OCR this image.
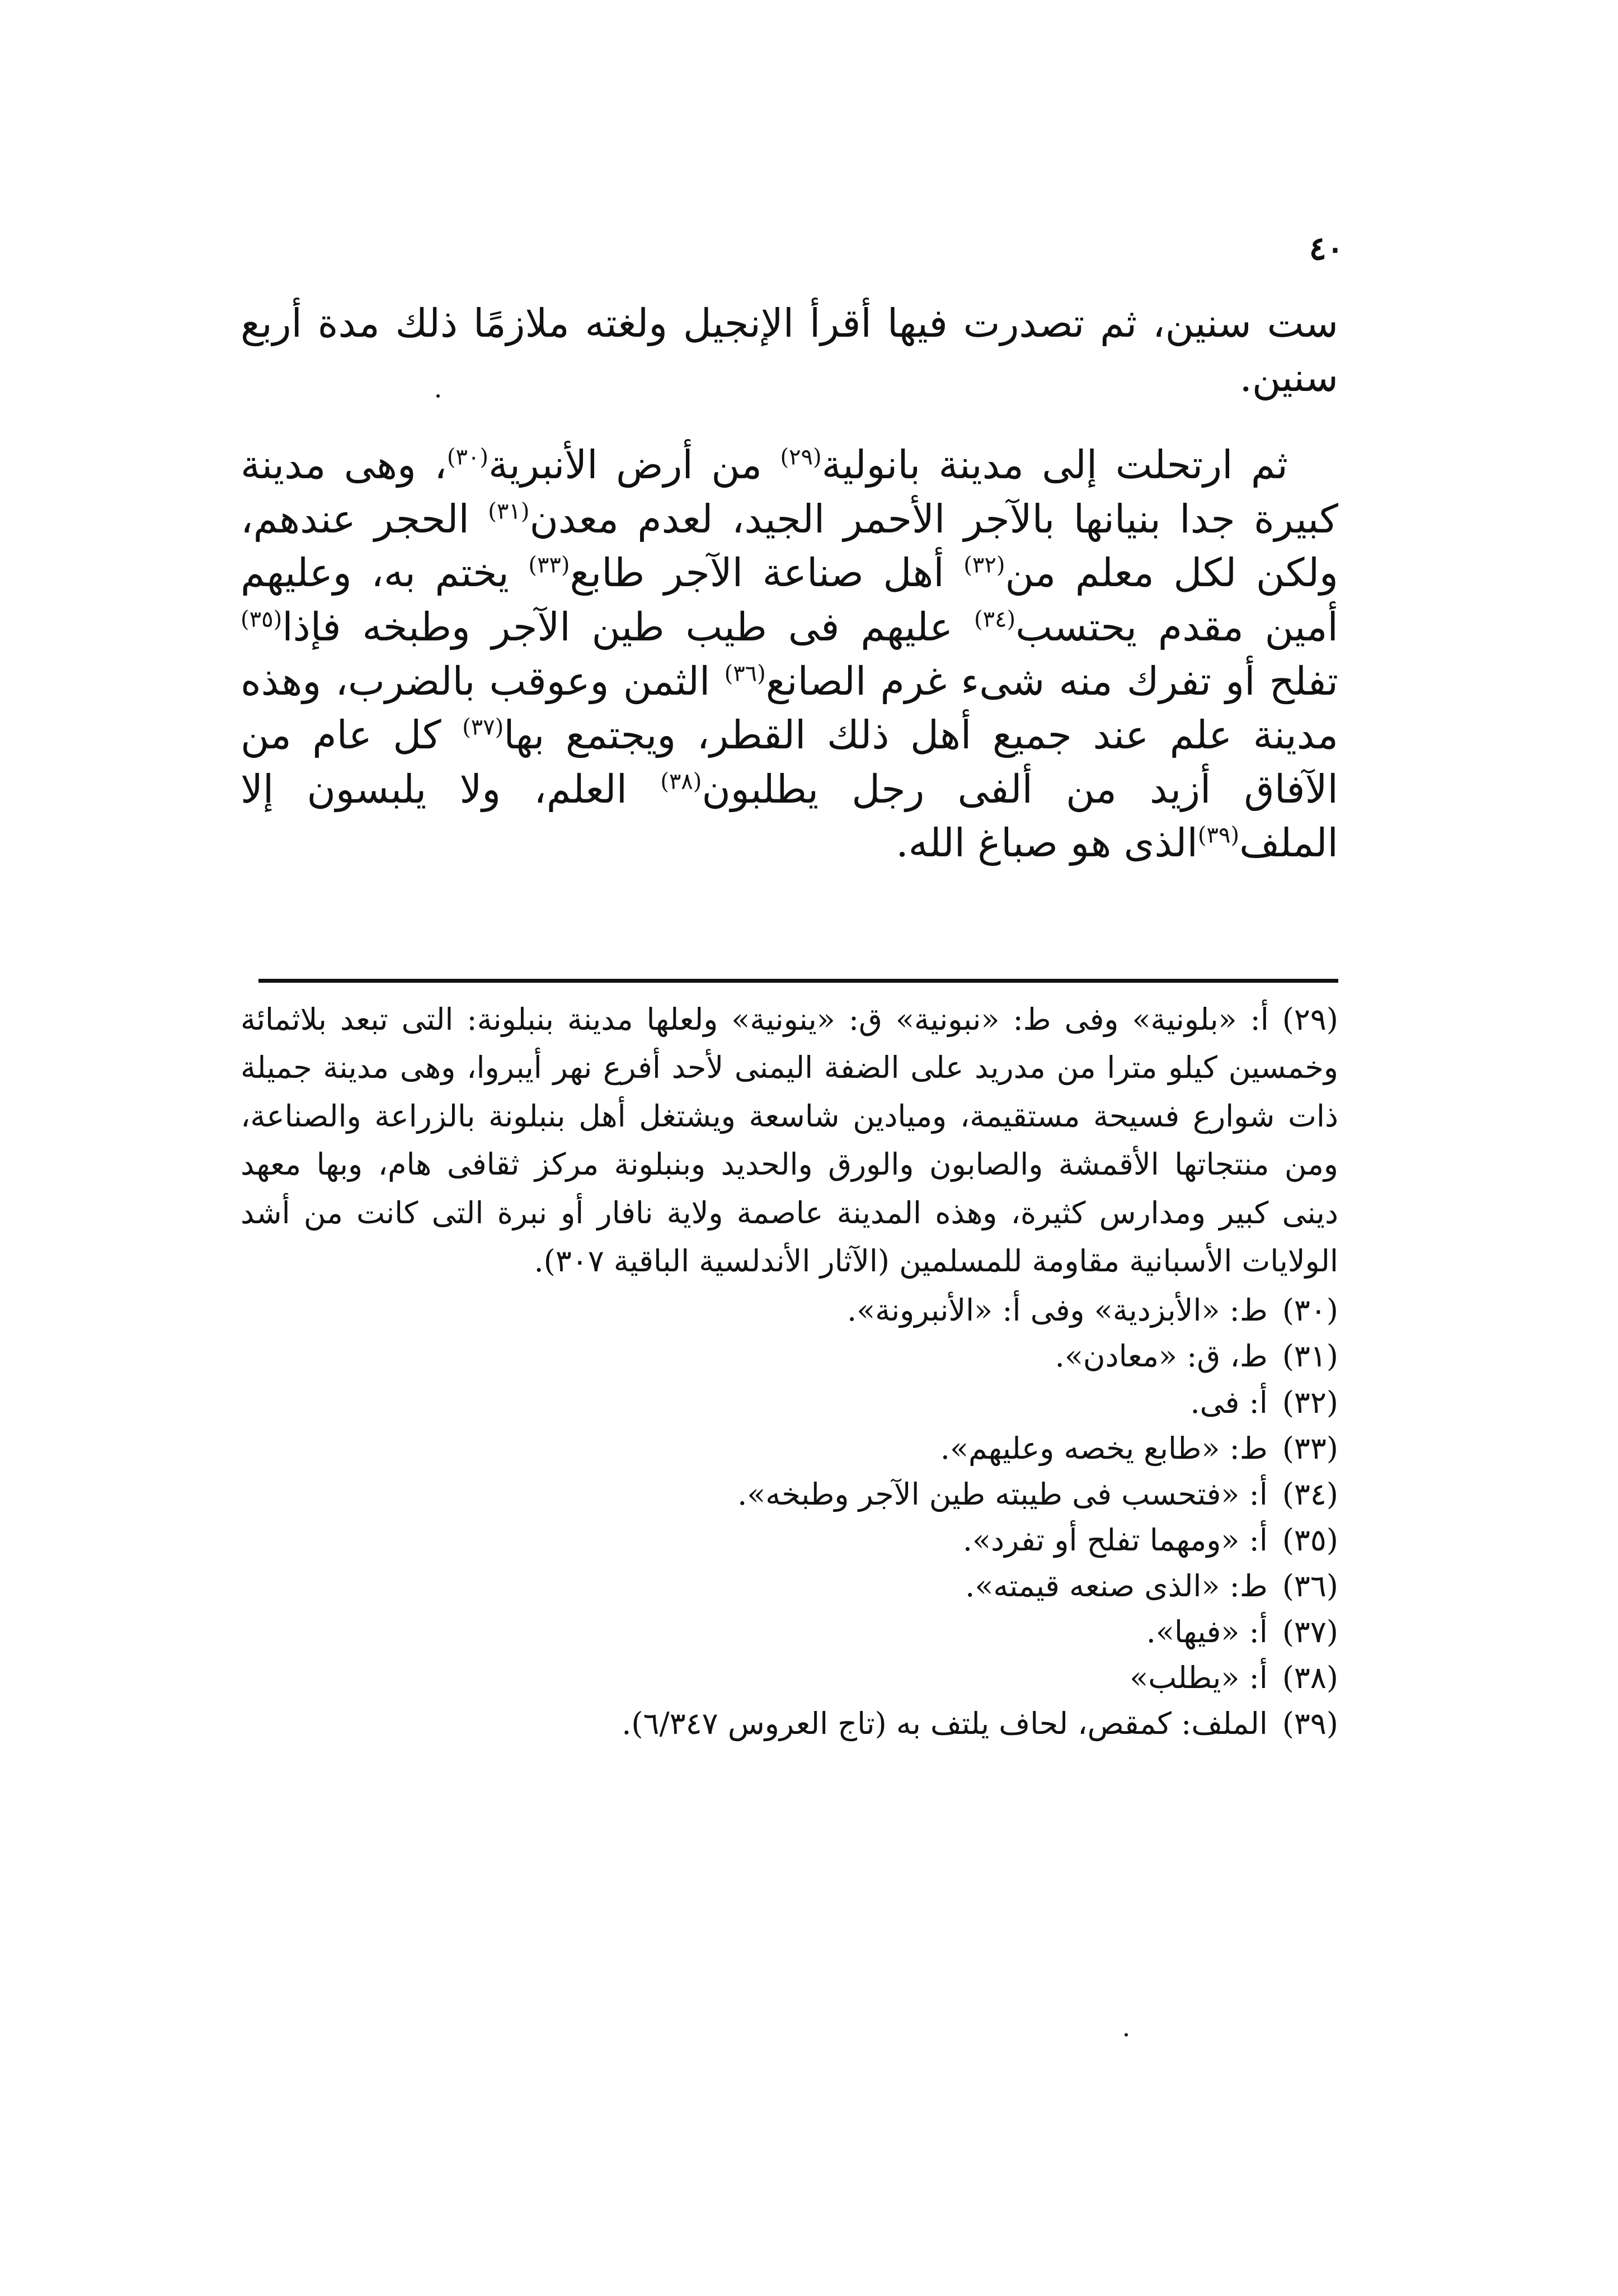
٤٠

ست سنين، ثم تصدرت فيها أقرأ الإنجيل ولغته ملازمًا ذلك مدة أربع سنين.

ثم ارتحلت إلى مدينة بانولية$^{(٢٩)}$ من أرض الأنبرية$^{(٣٠)}$، وهى مدينة كبيرة جدا بنيانها بالآجر الأحمر الجيد، لعدم معدن$^{(٣١)}$ الحجر عندهم، ولكن لكل معلم من$^{(٣٢)}$ أهل صناعة الآجر طابع$^{(٣٣)}$ يختم به، وعليهم أمين مقدم يحتسب$^{(٣٤)}$ عليهم فى طيب طين الآجر وطبخه فإذا$^{(٣٥)}$ تفلح أو تفرك منه شىء غرم الصانع$^{(٣٦)}$ الثمن وعوقب بالضرب، وهذه مدينة علم عند جميع أهل ذلك القطر، ويجتمع بها$^{(٣٧)}$ كل عام من الآفاق أزيد من ألفى رجل يطلبون$^{(٣٨)}$ العلم، ولا يلبسون إلا الملف$^{(٣٩)}$الذى هو صباغ الله.

(٢٩) أ: «بلونية» وفى ط: «نبونية» ق: «ينونية» ولعلها مدينة بنبلونة: التى تبعد بلاثمائة وخمسين كيلو مترا من مدريد على الضفة اليمنى لأحد أفرع نهر أيبروا، وهى مدينة جميلة ذات شوارع فسيحة مستقيمة، وميادين شاسعة ويشتغل أهل بنبلونة بالزراعة والصناعة، ومن منتجاتها الأقمشة والصابون والورق والحديد وبنبلونة مركز ثقافى هام، وبها معهد دينى كبير ومدارس كثيرة، وهذه المدينة عاصمة ولاية نافار أو نبرة التى كانت من أشد الولايات الأسبانية مقاومة للمسلمين (الآثار الأندلسية الباقية ٣٠٧).

(٣٠)ط: «الأبزدية» وفى أ: «الأنبرونة».
(٣١)ط، ق: «معادن».
(٣٢)أ: فى.
(٣٣)ط: «طابع يخصه وعليهم».
(٣٤)أ: «فتحسب فى طيبته طين الآجر وطبخه».
(٣٥)أ: «ومهما تفلح أو تفرد».
(٣٦)ط: «الذى صنعه قيمته».
(٣٧)أ: «فيها».
(٣٨)أ: «يطلب»
(٣٩)الملف: كمقص، لحاف يلتف به (تاج العروس ٦/٣٤٧).
